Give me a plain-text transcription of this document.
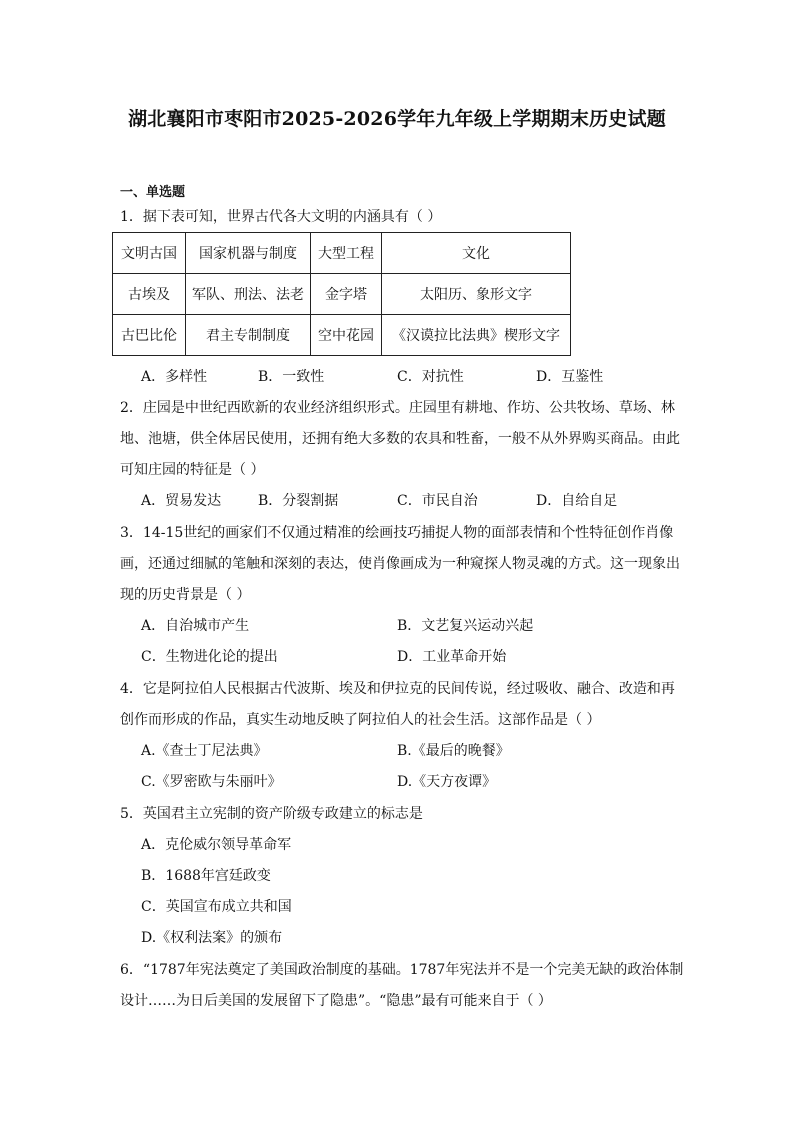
湖北襄阳市枣阳市2025-2026学年九年级上学期期末历史试题
一、单选题
1．据下表可知，世界古代各大文明的内涵具有（ ）
文明古国	国家机器与制度	大型工程	文化
古埃及	军队、刑法、法老	金字塔	太阳历、象形文字
古巴比伦	君主专制制度	空中花园	《汉谟拉比法典》楔形文字
A．多样性	B．一致性	C．对抗性	D．互鉴性
2．庄园是中世纪西欧新的农业经济组织形式。庄园里有耕地、作坊、公共牧场、草场、林
地、池塘，供全体居民使用，还拥有绝大多数的农具和牲畜，一般不从外界购买商品。由此
可知庄园的特征是（ ）
A．贸易发达	B．分裂割据	C．市民自治	D．自给自足
3．14-15世纪的画家们不仅通过精准的绘画技巧捕捉人物的面部表情和个性特征创作肖像
画，还通过细腻的笔触和深刻的表达，使肖像画成为一种窥探人物灵魂的方式。这一现象出
现的历史背景是（ ）
A．自治城市产生	B．文艺复兴运动兴起
C．生物进化论的提出	D．工业革命开始
4．它是阿拉伯人民根据古代波斯、埃及和伊拉克的民间传说，经过吸收、融合、改造和再
创作而形成的作品，真实生动地反映了阿拉伯人的社会生活。这部作品是（ ）
A.《查士丁尼法典》	B.《最后的晚餐》
C.《罗密欧与朱丽叶》	D.《天方夜谭》
5．英国君主立宪制的资产阶级专政建立的标志是
A．克伦威尔领导革命军
B．1688年宫廷政变
C．英国宣布成立共和国
D.《权利法案》的颁布
6．“1787年宪法奠定了美国政治制度的基础。1787年宪法并不是一个完美无缺的政治体制
设计……为日后美国的发展留下了隐患”。“隐患”最有可能来自于（ ）
